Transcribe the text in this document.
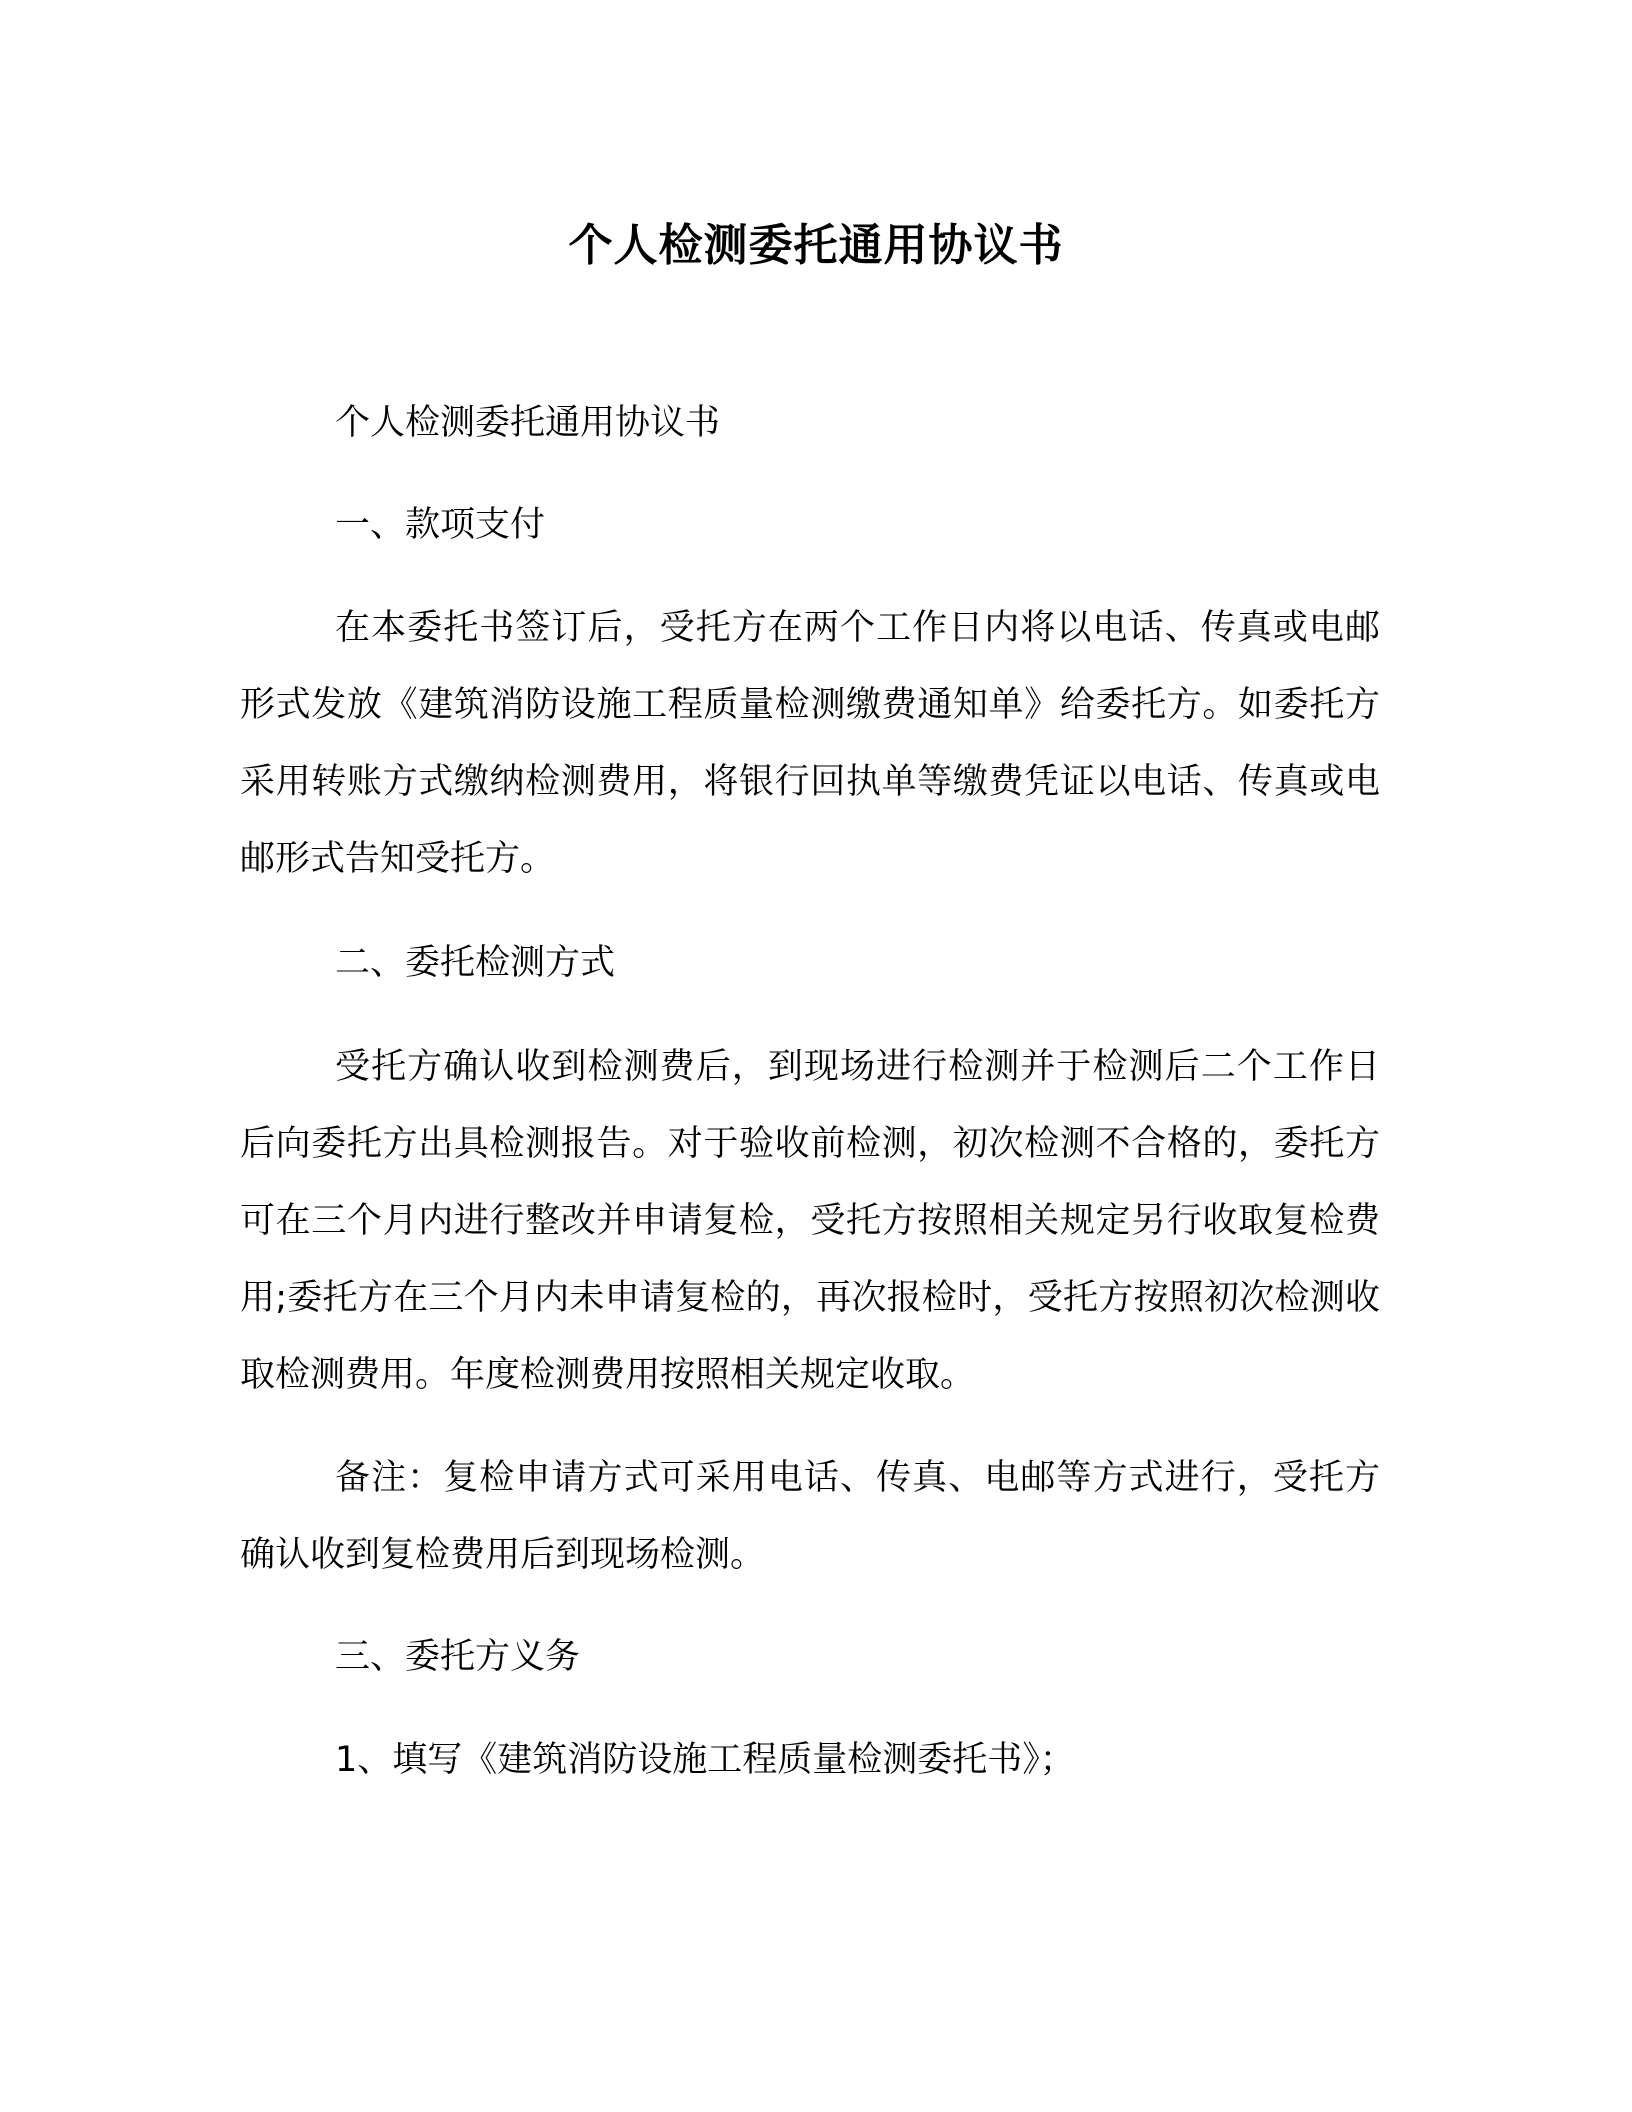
个人检测委托通用协议书
个人检测委托通用协议书
一、款项支付

在本委托书签订后，受托方在两个工作日内将以电话、传真或电邮形式发放《建筑消防设施工程质量检测缴费通知单》给委托方。如委托方采用转账方式缴纳检测费用，将银行回执单等缴费凭证以电话、传真或电邮形式告知受托方。

二、委托检测方式

受托方确认收到检测费后，到现场进行检测并于检测后二个工作日后向委托方出具检测报告。对于验收前检测，初次检测不合格的，委托方可在三个月内进行整改并申请复检，受托方按照相关规定另行收取复检费用;委托方在三个月内未申请复检的，再次报检时，受托方按照初次检测收取检测费用。年度检测费用按照相关规定收取。

备注：复检申请方式可采用电话、传真、电邮等方式进行，受托方确认收到复检费用后到现场检测。

三、委托方义务
1、填写《建筑消防设施工程质量检测委托书》；
